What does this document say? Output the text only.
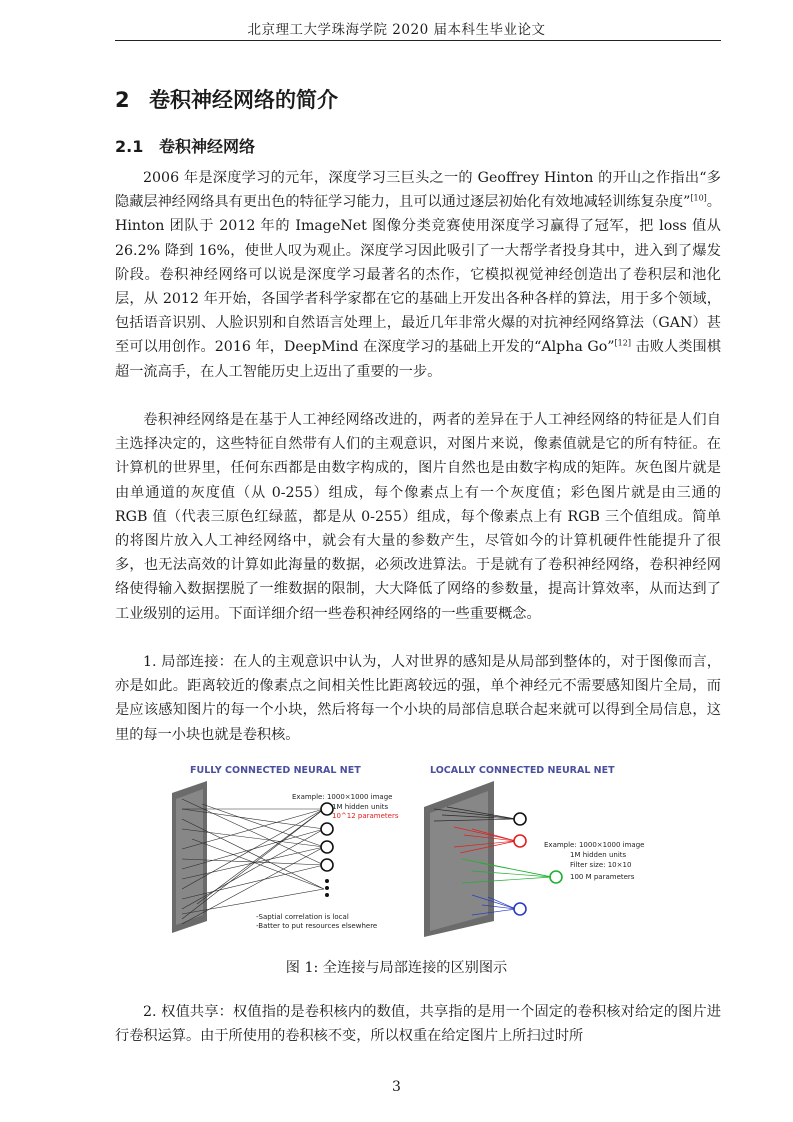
北京理工大学珠海学院 2020 届本科生毕业论文
2 卷积神经网络的简介
2.1 卷积神经网络

2006 年是深度学习的元年，深度学习三巨头之一的 Geoffrey Hinton 的开山之作指出“多隐藏层神经网络具有更出色的特征学习能力，且可以通过逐层初始化有效地减轻训练复杂度”[10]。Hinton 团队于 2012 年的 ImageNet 图像分类竞赛使用深度学习赢得了冠军，把 loss 值从 26.2% 降到 16%，使世人叹为观止。深度学习因此吸引了一大帮学者投身其中，进入到了爆发阶段。卷积神经网络可以说是深度学习最著名的杰作，它模拟视觉神经创造出了卷积层和池化层，从 2012 年开始，各国学者科学家都在它的基础上开发出各种各样的算法，用于多个领域，包括语音识别、人脸识别和自然语言处理上，最近几年非常火爆的对抗神经网络算法（GAN）甚至可以用创作。2016 年，DeepMind 在深度学习的基础上开发的“Alpha Go”[12] 击败人类围棋超一流高手，在人工智能历史上迈出了重要的一步。

卷积神经网络是在基于人工神经网络改进的，两者的差异在于人工神经网络的特征是人们自主选择决定的，这些特征自然带有人们的主观意识，对图片来说，像素值就是它的所有特征。在计算机的世界里，任何东西都是由数字构成的，图片自然也是由数字构成的矩阵。灰色图片就是由单通道的灰度值（从 0-255）组成，每个像素点上有一个灰度值；彩色图片就是由三通的 RGB 值（代表三原色红绿蓝，都是从 0-255）组成，每个像素点上有 RGB 三个值组成。简单的将图片放入人工神经网络中，就会有大量的参数产生，尽管如今的计算机硬件性能提升了很多，也无法高效的计算如此海量的数据，必须改进算法。于是就有了卷积神经网络，卷积神经网络使得输入数据摆脱了一维数据的限制，大大降低了网络的参数量，提高计算效率，从而达到了工业级别的运用。下面详细介绍一些卷积神经网络的一些重要概念。

1. 局部连接：在人的主观意识中认为，人对世界的感知是从局部到整体的，对于图像而言，亦是如此。距离较近的像素点之间相关性比距离较远的强，单个神经元不需要感知图片全局，而是应该感知图片的每一个小块，然后将每一个小块的局部信息联合起来就可以得到全局信息，这里的每一小块也就是卷积核。

FULLY CONNECTED NEURAL NET
Example: 1000×1000 image
1M hidden units
10^12 parameters
-Saptial correlation is local
-Batter to put resources elsewhere
LOCALLY CONNECTED NEURAL NET
Example: 1000×1000 image
1M hidden units
Filter size: 10×10
100 M parameters
图 1: 全连接与局部连接的区别图示

2. 权值共享：权值指的是卷积核内的数值，共享指的是用一个固定的卷积核对给定的图片进行卷积运算。由于所使用的卷积核不变，所以权重在给定图片上所扫过时所

3
